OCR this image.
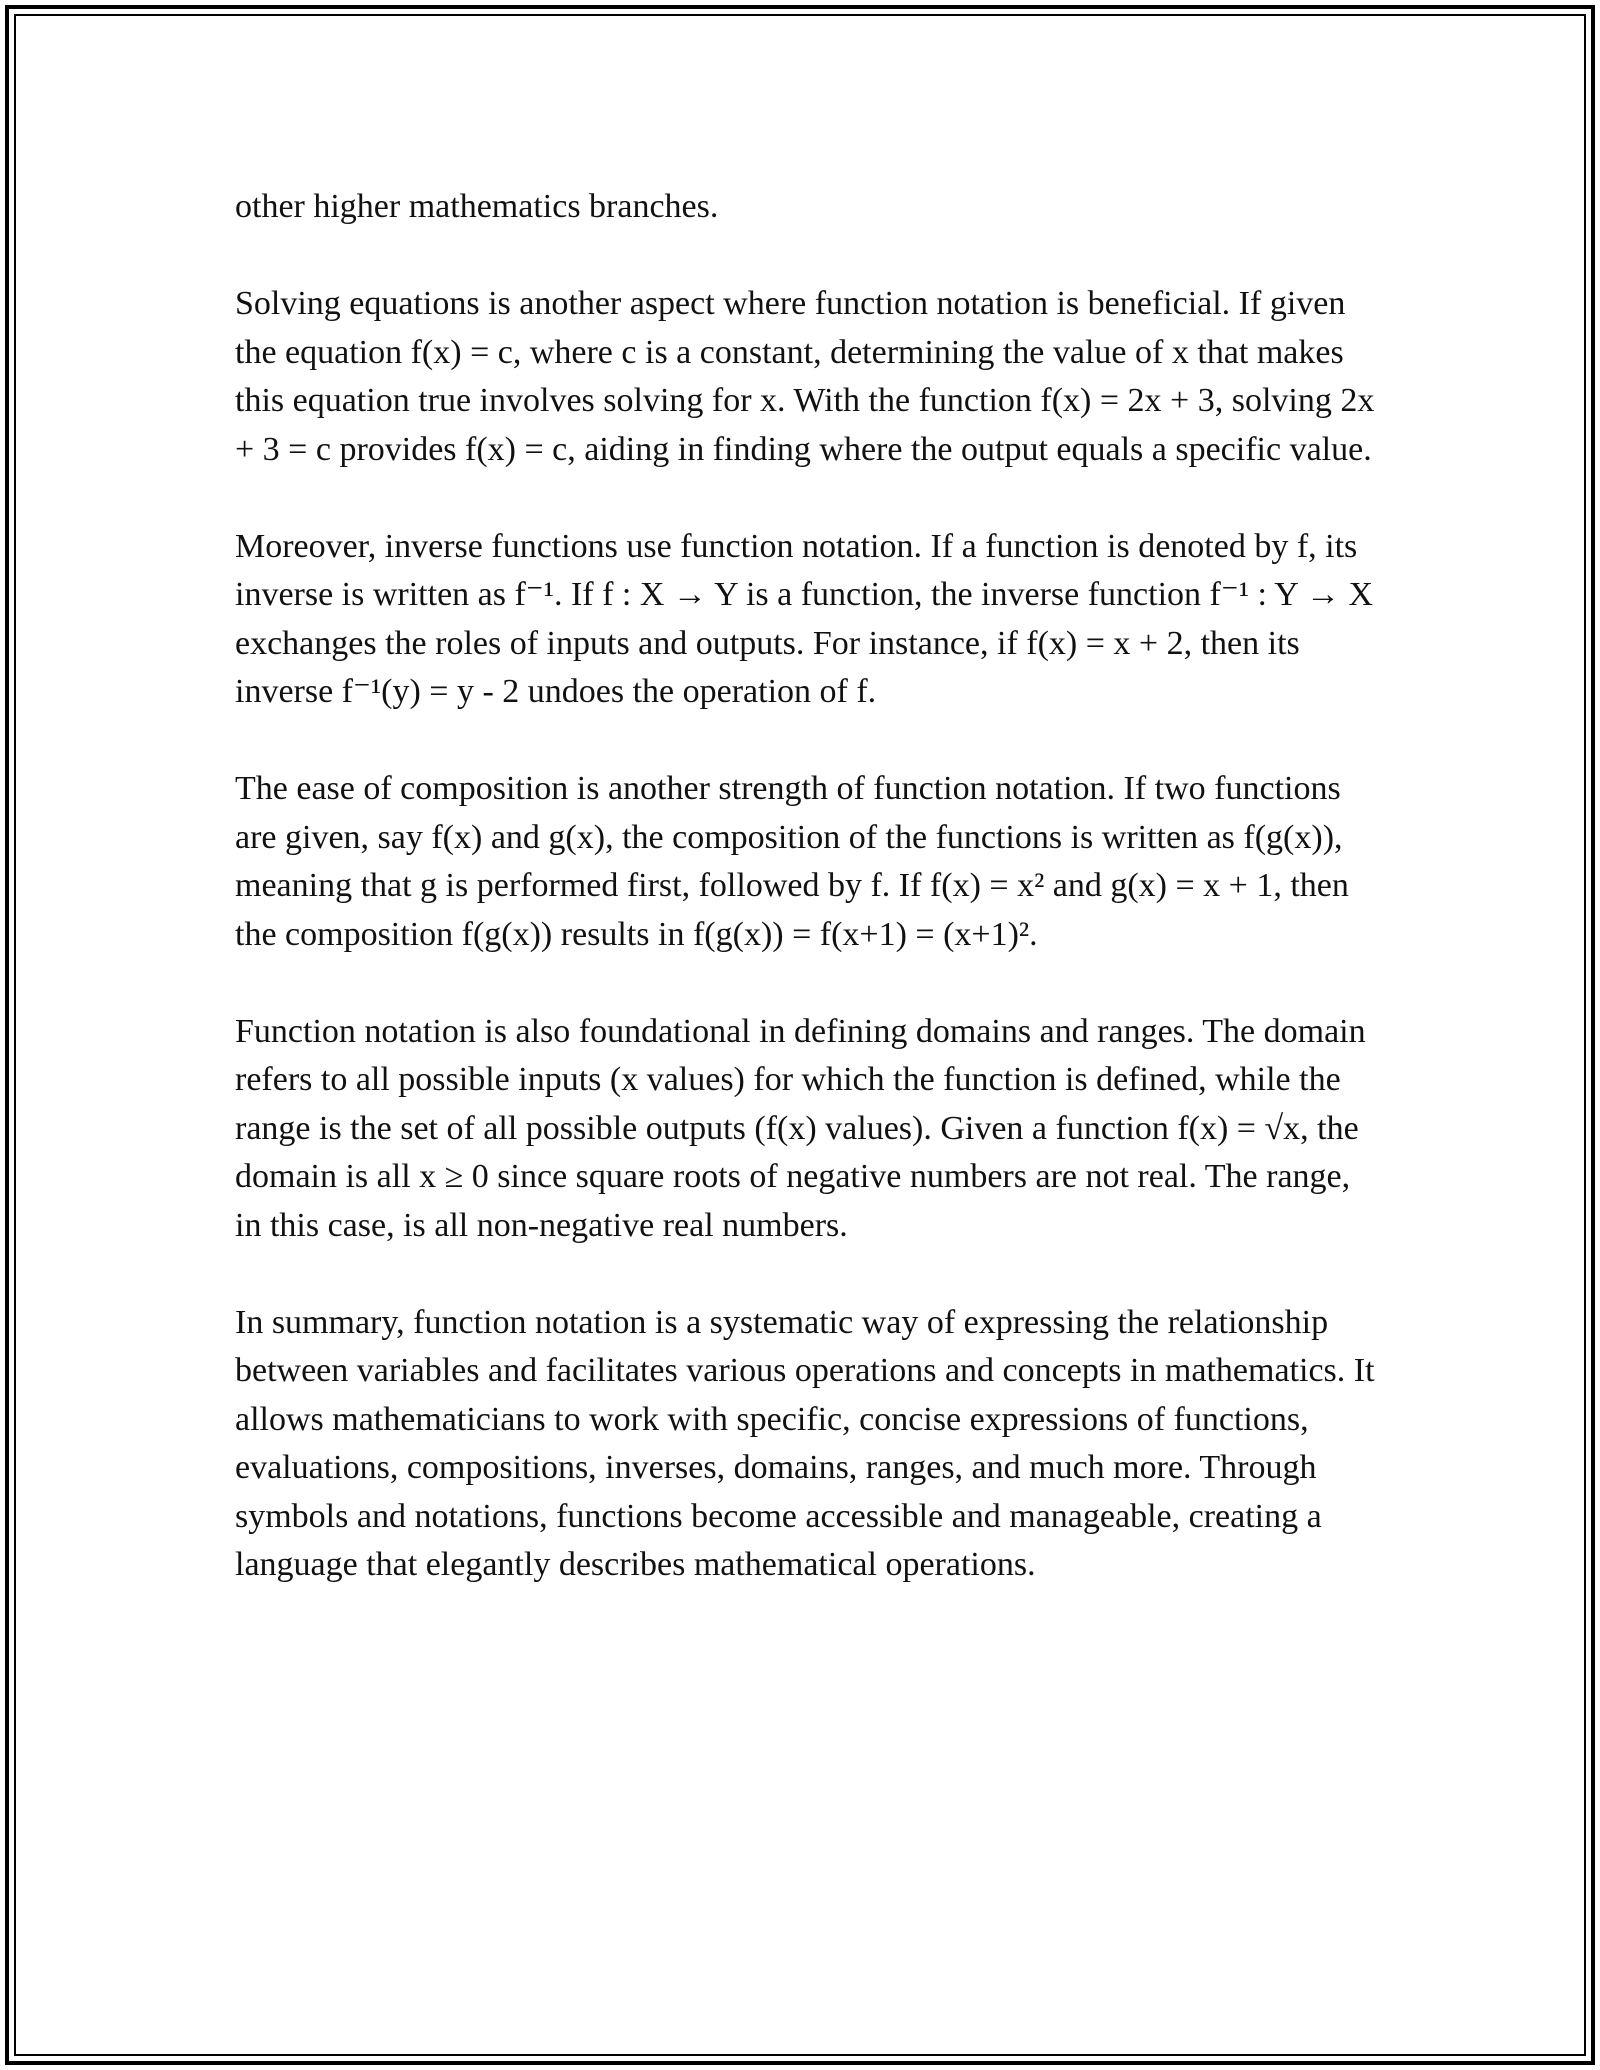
other higher mathematics branches.

Solving equations is another aspect where function notation is beneficial. If given the equation f(x) = c, where c is a constant, determining the value of x that makes this equation true involves solving for x. With the function f(x) = 2x + 3, solving 2x + 3 = c provides f(x) = c, aiding in finding where the output equals a specific value.

Moreover, inverse functions use function notation. If a function is denoted by f, its inverse is written as f⁻¹. If f : X → Y is a function, the inverse function f⁻¹ : Y → X exchanges the roles of inputs and outputs. For instance, if f(x) = x + 2, then its inverse f⁻¹(y) = y - 2 undoes the operation of f.

The ease of composition is another strength of function notation. If two functions are given, say f(x) and g(x), the composition of the functions is written as f(g(x)), meaning that g is performed first, followed by f. If f(x) = x² and g(x) = x + 1, then the composition f(g(x)) results in f(g(x)) = f(x+1) = (x+1)².

Function notation is also foundational in defining domains and ranges. The domain refers to all possible inputs (x values) for which the function is defined, while the range is the set of all possible outputs (f(x) values). Given a function f(x) = √x, the domain is all x ≥ 0 since square roots of negative numbers are not real. The range, in this case, is all non-negative real numbers.

In summary, function notation is a systematic way of expressing the relationship between variables and facilitates various operations and concepts in mathematics. It allows mathematicians to work with specific, concise expressions of functions, evaluations, compositions, inverses, domains, ranges, and much more. Through symbols and notations, functions become accessible and manageable, creating a language that elegantly describes mathematical operations.
